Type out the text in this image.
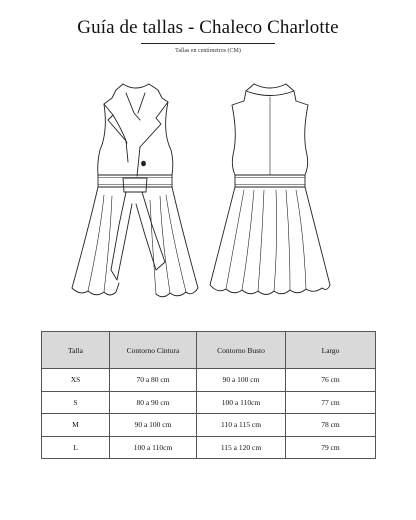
Guía de tallas - Chaleco Charlotte
Tallas en centímetros (CM)
Talla	Contorno Cintura	Contorno Busto	Largo
XS	70 a 80 cm	90 a 100 cm	76 cm
S	80 a 90 cm	100 a 110cm	77 cm
M	90 a 100 cm	110 a 115 cm	78 cm
L	100 a 110cm	115 a 120 cm	79 cm
